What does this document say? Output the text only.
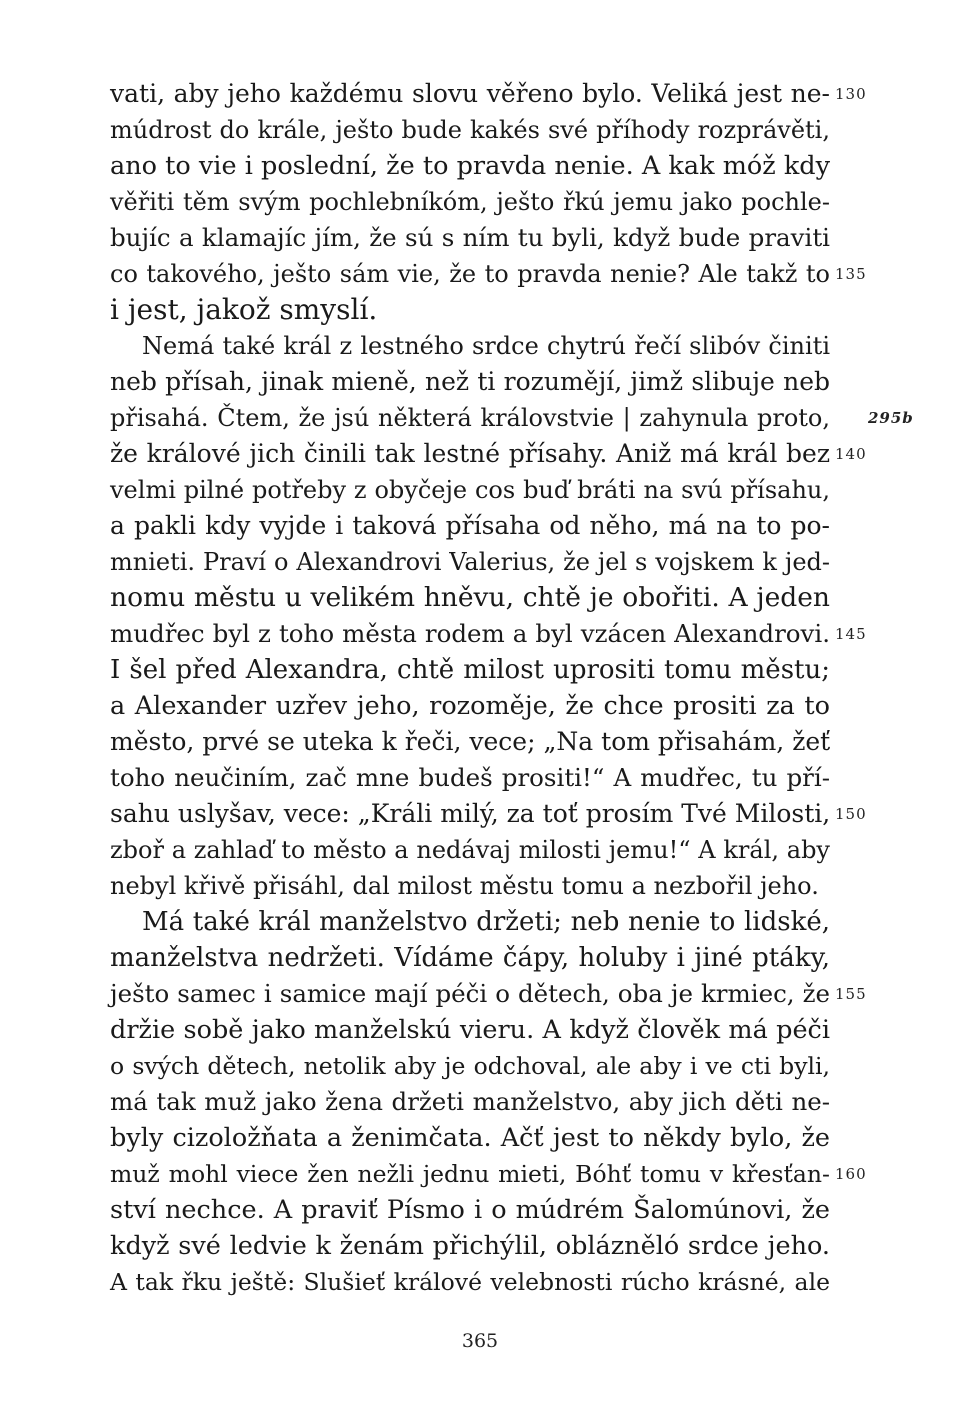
365
vati, aby jeho každému slovu věřeno bylo. Veliká jest ne-
múdrost do krále, ješto bude kakés své příhody rozprávěti,
ano to vie i poslední, že to pravda nenie. A kak móž kdy
věřiti těm svým pochlebníkóm, ješto řkú jemu jako pochle-
bujíc a klamajíc jím, že sú s ním tu byli, když bude praviti
co takového, ješto sám vie, že to pravda nenie? Ale takž to
i jest, jakož smyslí.
Nemá také král z lestného srdce chytrú řečí slibóv činiti
neb přísah, jinak mieně, než ti rozumějí, jimž slibuje neb
přisahá. Čtem, že jsú některá královstvie | zahynula proto,
že králové jich činili tak lestné přísahy. Aniž má král bez
velmi pilné potřeby z obyčeje cos buď bráti na svú přísahu,
a pakli kdy vyjde i taková přísaha od něho, má na to po-
mnieti. Praví o Alexandrovi Valerius, že jel s vojskem k jed-
nomu městu u velikém hněvu, chtě je obořiti. A jeden
mudřec byl z toho města rodem a byl vzácen Alexandrovi.
I šel před Alexandra, chtě milost uprositi tomu městu;
a Alexander uzřev jeho, rozoměje, že chce prositi za to
město, prvé se uteka k řeči, vece; „Na tom přisahám, žeť
toho neučiním, zač mne budeš prositi!“ A mudřec, tu pří-
sahu uslyšav, vece: „Králi milý, za toť prosím Tvé Milosti,
zboř a zahlaď to město a nedávaj milosti jemu!“ A král, aby
nebyl křivě přisáhl, dal milost městu tomu a nezbořil jeho.
Má také král manželstvo držeti; neb nenie to lidské,
manželstva nedržeti. Vídáme čápy, holuby i jiné ptáky,
ješto samec i samice mají péči o dětech, oba je krmiec, že
držie sobě jako manželskú vieru. A když člověk má péči
o svých dětech, netolik aby je odchoval, ale aby i ve cti byli,
má tak muž jako žena držeti manželstvo, aby jich děti ne-
byly cizoložňata a ženimčata. Ačť jest to někdy bylo, že
muž mohl viece žen nežli jednu mieti, Bóhť tomu v křesťan-
ství nechce. A praviť Písmo i o múdrém Šalomúnovi, že
když své ledvie k ženám přichýlil, oblázněló srdce jeho.
A tak řku ještě: Slušieť králové velebnosti rúcho krásné, ale
130
135
140
145
150
155
160
295b
